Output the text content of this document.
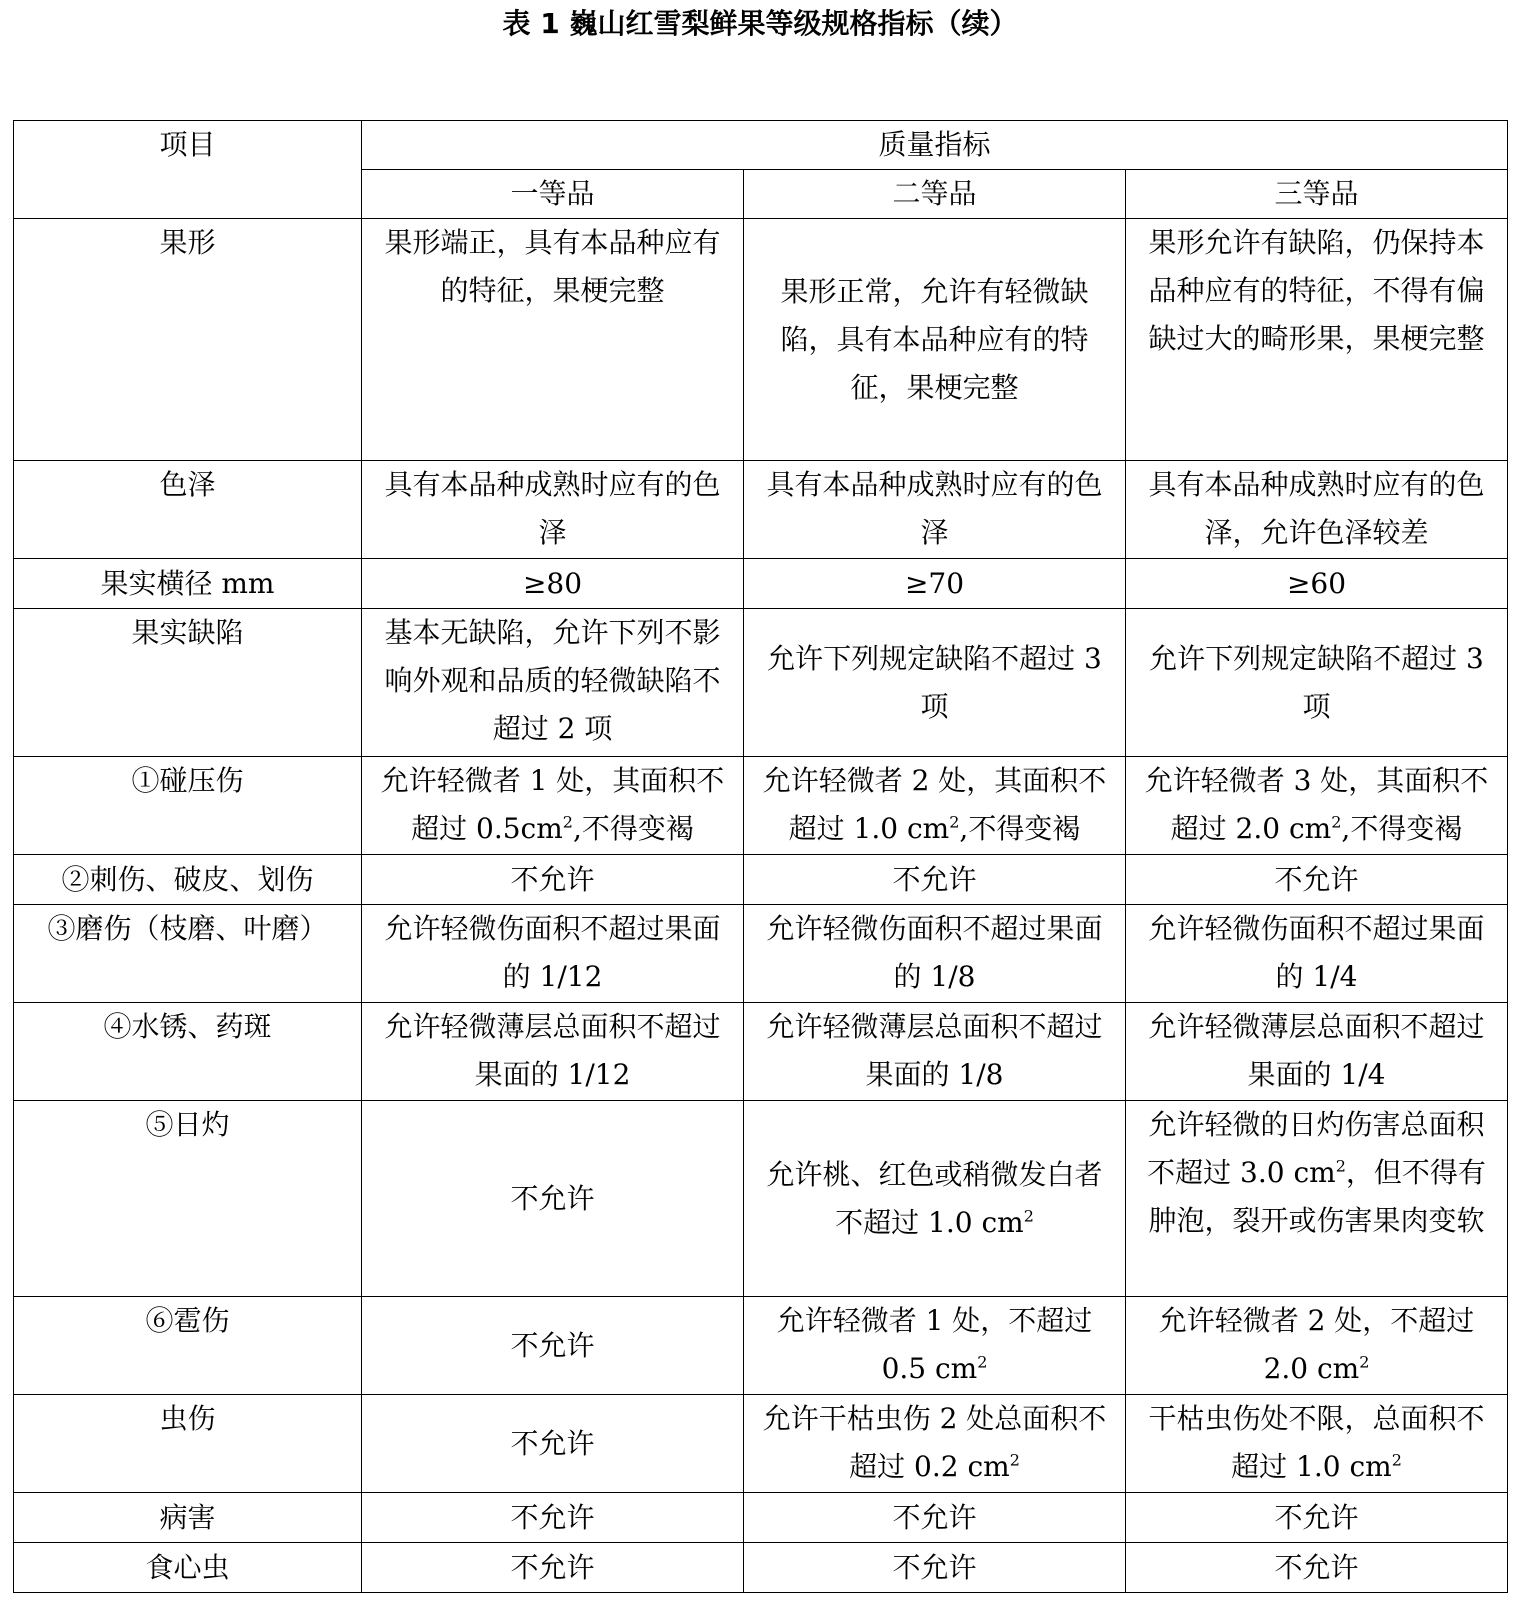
表 1 巍山红雪梨鲜果等级规格指标（续）
项目	质量指标		
	一等品	二等品	三等品
果形	果形端正，具有本品种应有的特征，果梗完整	果形正常，允许有轻微缺陷，具有本品种应有的特征，果梗完整	果形允许有缺陷，仍保持本品种应有的特征，不得有偏缺过大的畸形果，果梗完整
色泽	具有本品种成熟时应有的色泽	具有本品种成熟时应有的色泽	具有本品种成熟时应有的色泽，允许色泽较差
果实横径 mm	≥80	≥70	≥60
果实缺陷	基本无缺陷，允许下列不影响外观和品质的轻微缺陷不超过 2 项	允许下列规定缺陷不超过 3 项	允许下列规定缺陷不超过 3 项
①碰压伤	允许轻微者 1 处，其面积不超过 $0.5cm^2$,不得变褐	允许轻微者 2 处，其面积不超过 1.0 $cm^2$,不得变褐	允许轻微者 3 处，其面积不超过 2.0 $cm^2$,不得变褐
②刺伤、破皮、划伤	不允许	不允许	不允许
③磨伤（枝磨、叶磨）	允许轻微伤面积不超过果面的 1/12	允许轻微伤面积不超过果面的 1/8	允许轻微伤面积不超过果面的 1/4
④水锈、药斑	允许轻微薄层总面积不超过果面的 1/12	允许轻微薄层总面积不超过果面的 1/8	允许轻微薄层总面积不超过果面的 1/4
⑤日灼	不允许	允许桃、红色或稍微发白者不超过 1.0 $cm^2$	允许轻微的日灼伤害总面积不超过 3.0 $cm^2$，但不得有肿泡，裂开或伤害果肉变软
⑥雹伤	不允许	允许轻微者 1 处，不超过 0.5 $cm^2$	允许轻微者 2 处，不超过 2.0 $cm^2$
虫伤	不允许	允许干枯虫伤 2 处总面积不超过 0.2 $cm^2$	干枯虫伤处不限，总面积不超过 1.0 $cm^2$
病害	不允许	不允许	不允许
食心虫	不允许	不允许	不允许
